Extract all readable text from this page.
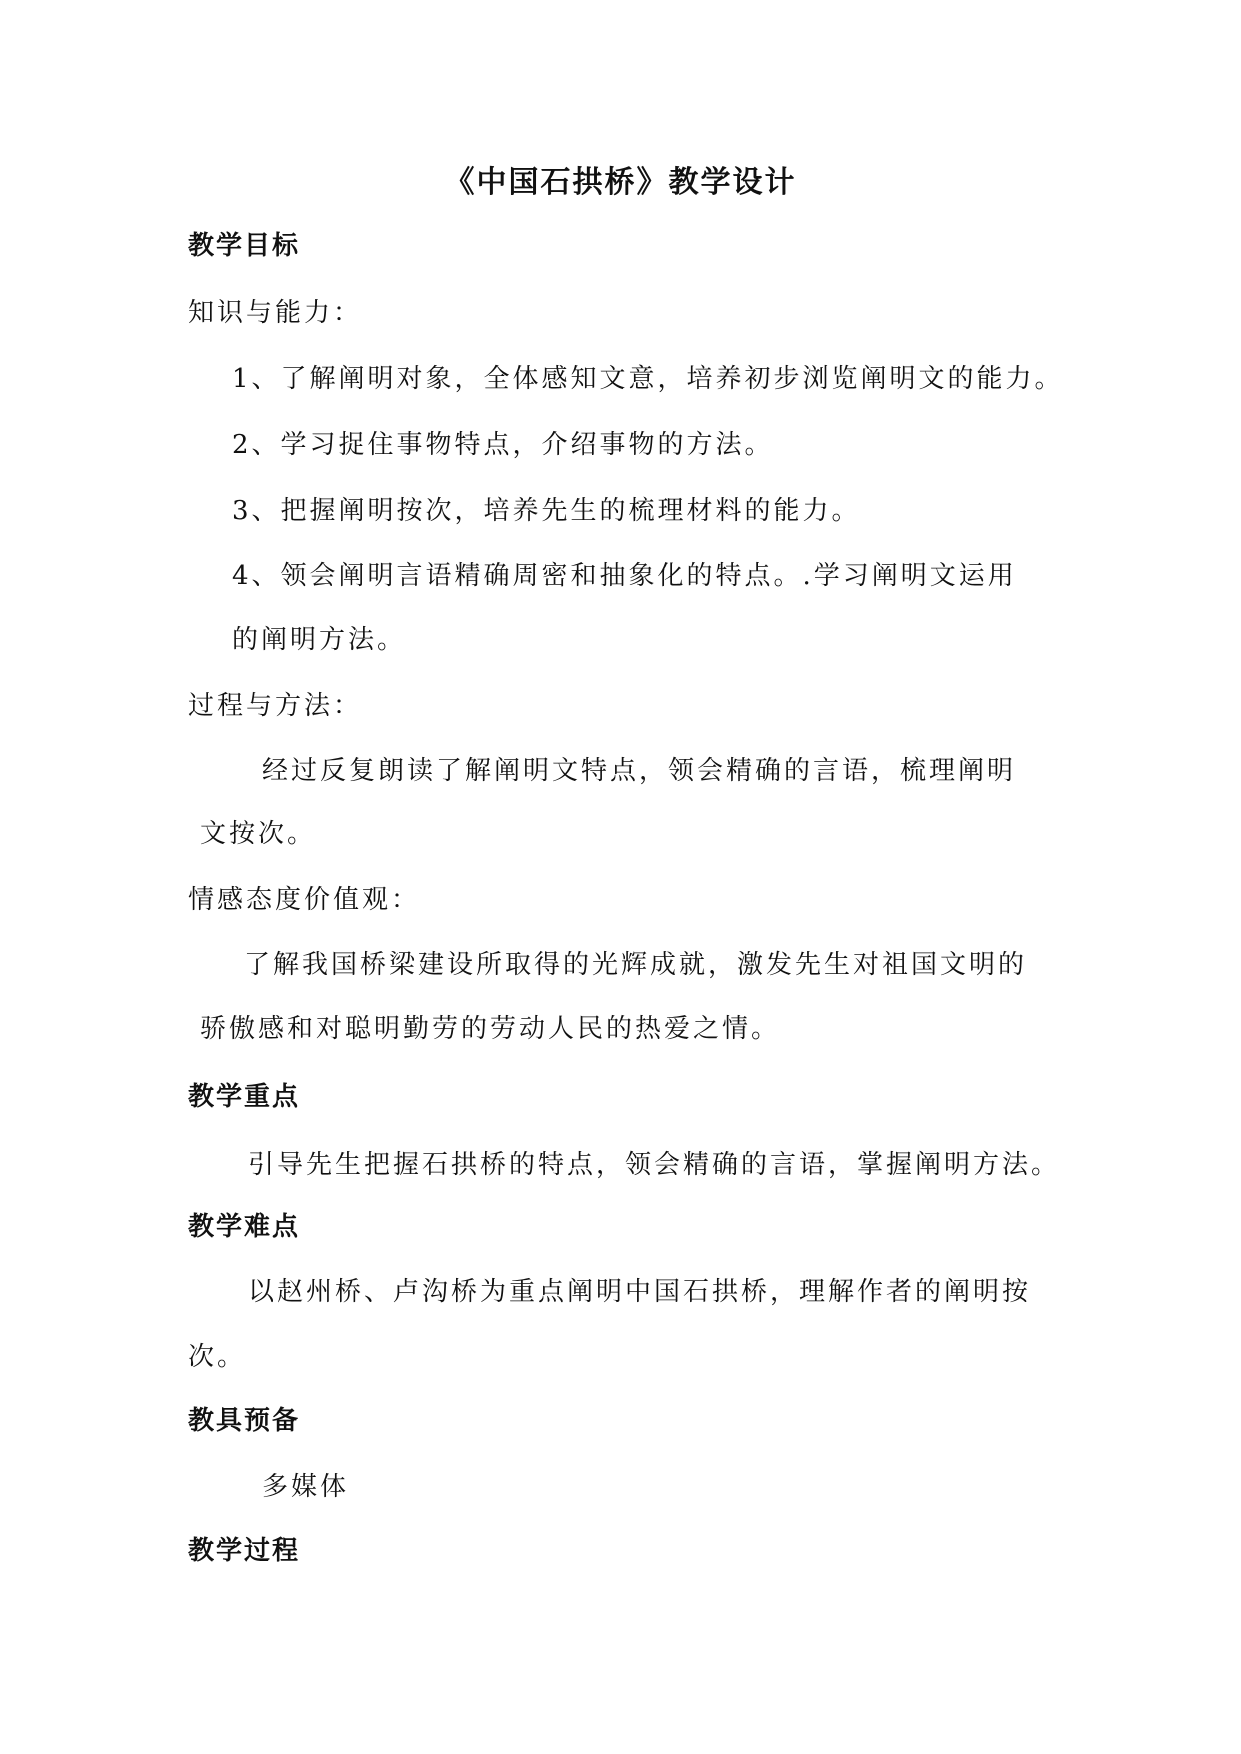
《中国石拱桥》教学设计
教学目标
知识与能力：
1、了解阐明对象，全体感知文意，培养初步浏览阐明文的能力。
2、学习捉住事物特点，介绍事物的方法。
3、把握阐明按次，培养先生的梳理材料的能力。
4、领会阐明言语精确周密和抽象化的特点。.学习阐明文运用
的阐明方法。
过程与方法：
经过反复朗读了解阐明文特点，领会精确的言语，梳理阐明
文按次。
情感态度价值观：
了解我国桥梁建设所取得的光辉成就，激发先生对祖国文明的
骄傲感和对聪明勤劳的劳动人民的热爱之情。
教学重点
引导先生把握石拱桥的特点，领会精确的言语，掌握阐明方法。
教学难点
以赵州桥、卢沟桥为重点阐明中国石拱桥，理解作者的阐明按
次。
教具预备
多媒体
教学过程
